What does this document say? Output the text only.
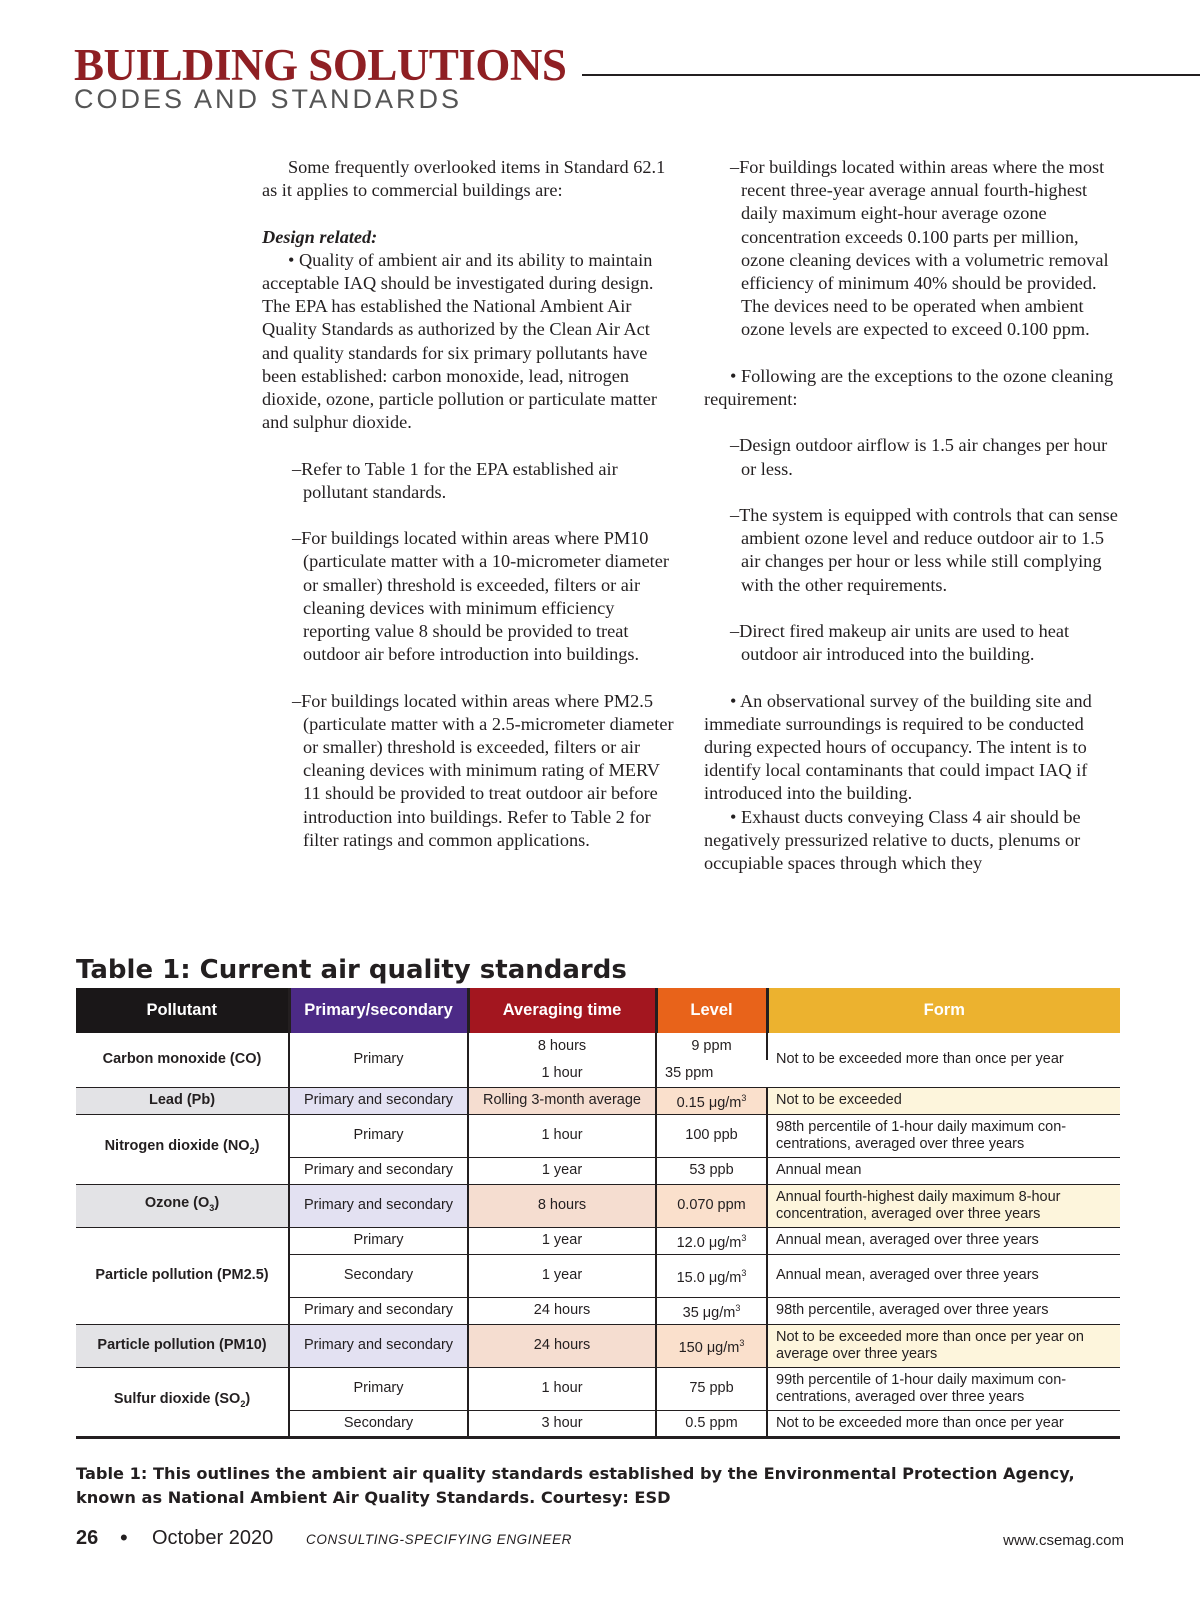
BUILDING SOLUTIONS
CODES AND STANDARDS

Some frequently overlooked items in Standard 62.1 as it applies to commercial buildings are:

Design related:

• Quality of ambient air and its ability to maintain acceptable IAQ should be investigated during design. The EPA has established the National Ambient Air Quality Standards as authorized by the Clean Air Act and quality standards for six primary pollutants have been established: carbon monoxide, lead, nitrogen dioxide, ozone, particle pollution or particulate matter and sulphur dioxide.

–Refer to Table 1 for the EPA established air pollutant standards.

–For buildings located within areas where PM10 (particulate matter with a 10-micrometer diameter or smaller) threshold is exceeded, filters or air cleaning devices with minimum efficiency reporting value 8 should be provided to treat outdoor air before introduction into buildings.

–For buildings located within areas where PM2.5 (particulate matter with a 2.5-micrometer diameter or smaller) threshold is exceeded, filters or air cleaning devices with minimum rating of MERV 11 should be provided to treat outdoor air before introduction into buildings. Refer to Table 2 for filter ratings and common applications.

–For buildings located within areas where the most recent three-year average annual fourth-highest daily maximum eight-hour average ozone concentration exceeds 0.100 parts per million, ozone cleaning devices with a volumetric removal efficiency of minimum 40% should be provided. The devices need to be operated when ambient ozone levels are expected to exceed 0.100 ppm.

• Following are the exceptions to the ozone cleaning requirement:

–Design outdoor airflow is 1.5 air changes per hour or less.

–The system is equipped with controls that can sense ambient ozone level and reduce outdoor air to 1.5 air changes per hour or less while still complying with the other requirements.

–Direct fired makeup air units are used to heat outdoor air introduced into the building.

• An observational survey of the building site and immediate surroundings is required to be conducted during expected hours of occupancy. The intent is to identify local contaminants that could impact IAQ if introduced into the building.

• Exhaust ducts conveying Class 4 air should be negatively pressurized relative to ducts, plenums or occupiable spaces through which they

Table 1: Current air quality standards
Pollutant	Primary/secondary	Averaging time	Level	Form
Carbon monoxide (CO)	Primary	8 hours	9 ppm	Not to be exceeded more than once per year
		1 hour	35 ppm	
Lead (Pb)	Primary and secondary	Rolling 3-month average	0.15 $\mu g/m^3$	Not to be exceeded
Nitrogen dioxide $(NO_2)$	Primary	1 hour	100 ppb	98th percentile of 1-hour daily maximum con-centrations, averaged over three years
	Primary and secondary	1 year	53 ppb	Annual mean
Ozone $(O_3)$	Primary and secondary	8 hours	0.070 ppm	Annual fourth-highest daily maximum 8-hour concentration, averaged over three years
Particle pollution (PM2.5)	Primary	1 year	12.0 $\mu g/m^3$	Annual mean, averaged over three years
	Secondary	1 year	15.0 $\mu g/m^3$	Annual mean, averaged over three years
	Primary and secondary	24 hours	35 $\mu g/m^3$	98th percentile, averaged over three years
Particle pollution (PM10)	Primary and secondary	24 hours	150 $\mu g/m^3$	Not to be exceeded more than once per year on average over three years
Sulfur dioxide $(SO_2)$	Primary	1 hour	75 ppb	99th percentile of 1-hour daily maximum con-centrations, averaged over three years
	Secondary	3 hour	0.5 ppm	Not to be exceeded more than once per year

Table 1: This outlines the ambient air quality standards established by the Environmental Protection Agency, known as National Ambient Air Quality Standards. Courtesy: ESD

26 • October 2020 CONSULTING-SPECIFYING ENGINEER	www.csemag.com
